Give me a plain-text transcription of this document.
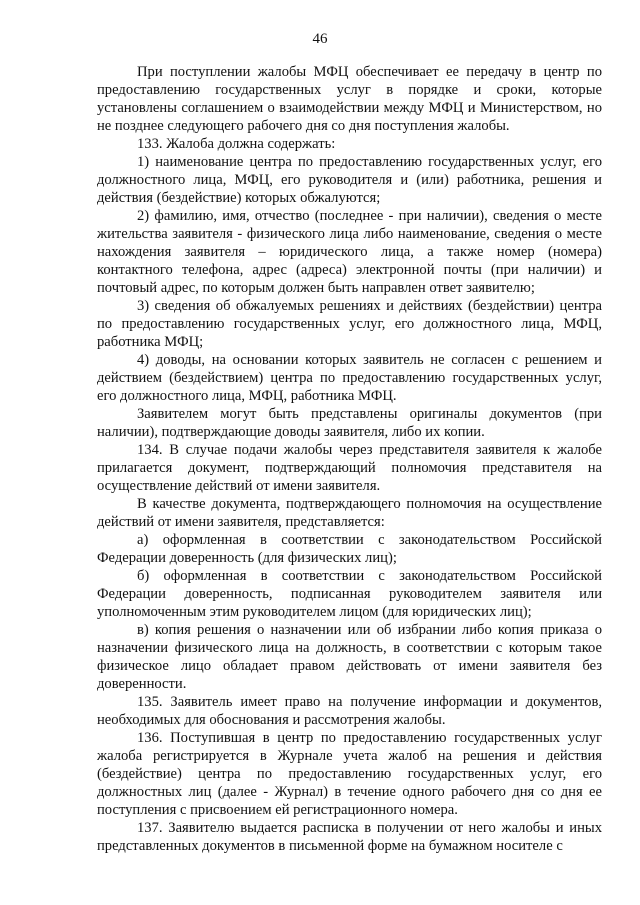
46

При поступлении жалобы МФЦ обеспечивает ее передачу в центр по предоставлению государственных услуг в порядке и сроки, которые установлены соглашением о взаимодействии между МФЦ и Министерством, но не позднее следующего рабочего дня со дня поступления жалобы.

133. Жалоба должна содержать:

1) наименование центра по предоставлению государственных услуг, его должностного лица, МФЦ, его руководителя и (или) работника, решения и действия (бездействие) которых обжалуются;

2) фамилию, имя, отчество (последнее - при наличии), сведения о месте жительства заявителя - физического лица либо наименование, сведения о месте нахождения заявителя – юридического лица, а также номер (номера) контактного телефона, адрес (адреса) электронной почты (при наличии) и почтовый адрес, по которым должен быть направлен ответ заявителю;

3) сведения об обжалуемых решениях и действиях (бездействии) центра по предоставлению государственных услуг, его должностного лица, МФЦ, работника МФЦ;

4) доводы, на основании которых заявитель не согласен с решением и действием (бездействием) центра по предоставлению государственных услуг, его должностного лица, МФЦ, работника МФЦ.

Заявителем могут быть представлены оригиналы документов (при наличии), подтверждающие доводы заявителя, либо их копии.

134. В случае подачи жалобы через представителя заявителя к жалобе прилагается документ, подтверждающий полномочия представителя на осуществление действий от имени заявителя.

В качестве документа, подтверждающего полномочия на осуществление действий от имени заявителя, представляется:

а) оформленная в соответствии с законодательством Российской Федерации доверенность (для физических лиц);

б) оформленная в соответствии с законодательством Российской Федерации доверенность, подписанная руководителем заявителя или уполномоченным этим руководителем лицом (для юридических лиц);

в) копия решения о назначении или об избрании либо копия приказа о назначении физического лица на должность, в соответствии с которым такое физическое лицо обладает правом действовать от имени заявителя без доверенности.

135. Заявитель имеет право на получение информации и документов, необходимых для обоснования и рассмотрения жалобы.

136. Поступившая в центр по предоставлению государственных услуг жалоба регистрируется в Журнале учета жалоб на решения и действия (бездействие) центра по предоставлению государственных услуг, его должностных лиц (далее - Журнал) в течение одного рабочего дня со дня ее поступления с присвоением ей регистрационного номера.

137. Заявителю выдается расписка в получении от него жалобы и иных представленных документов в письменной форме на бумажном носителе с
